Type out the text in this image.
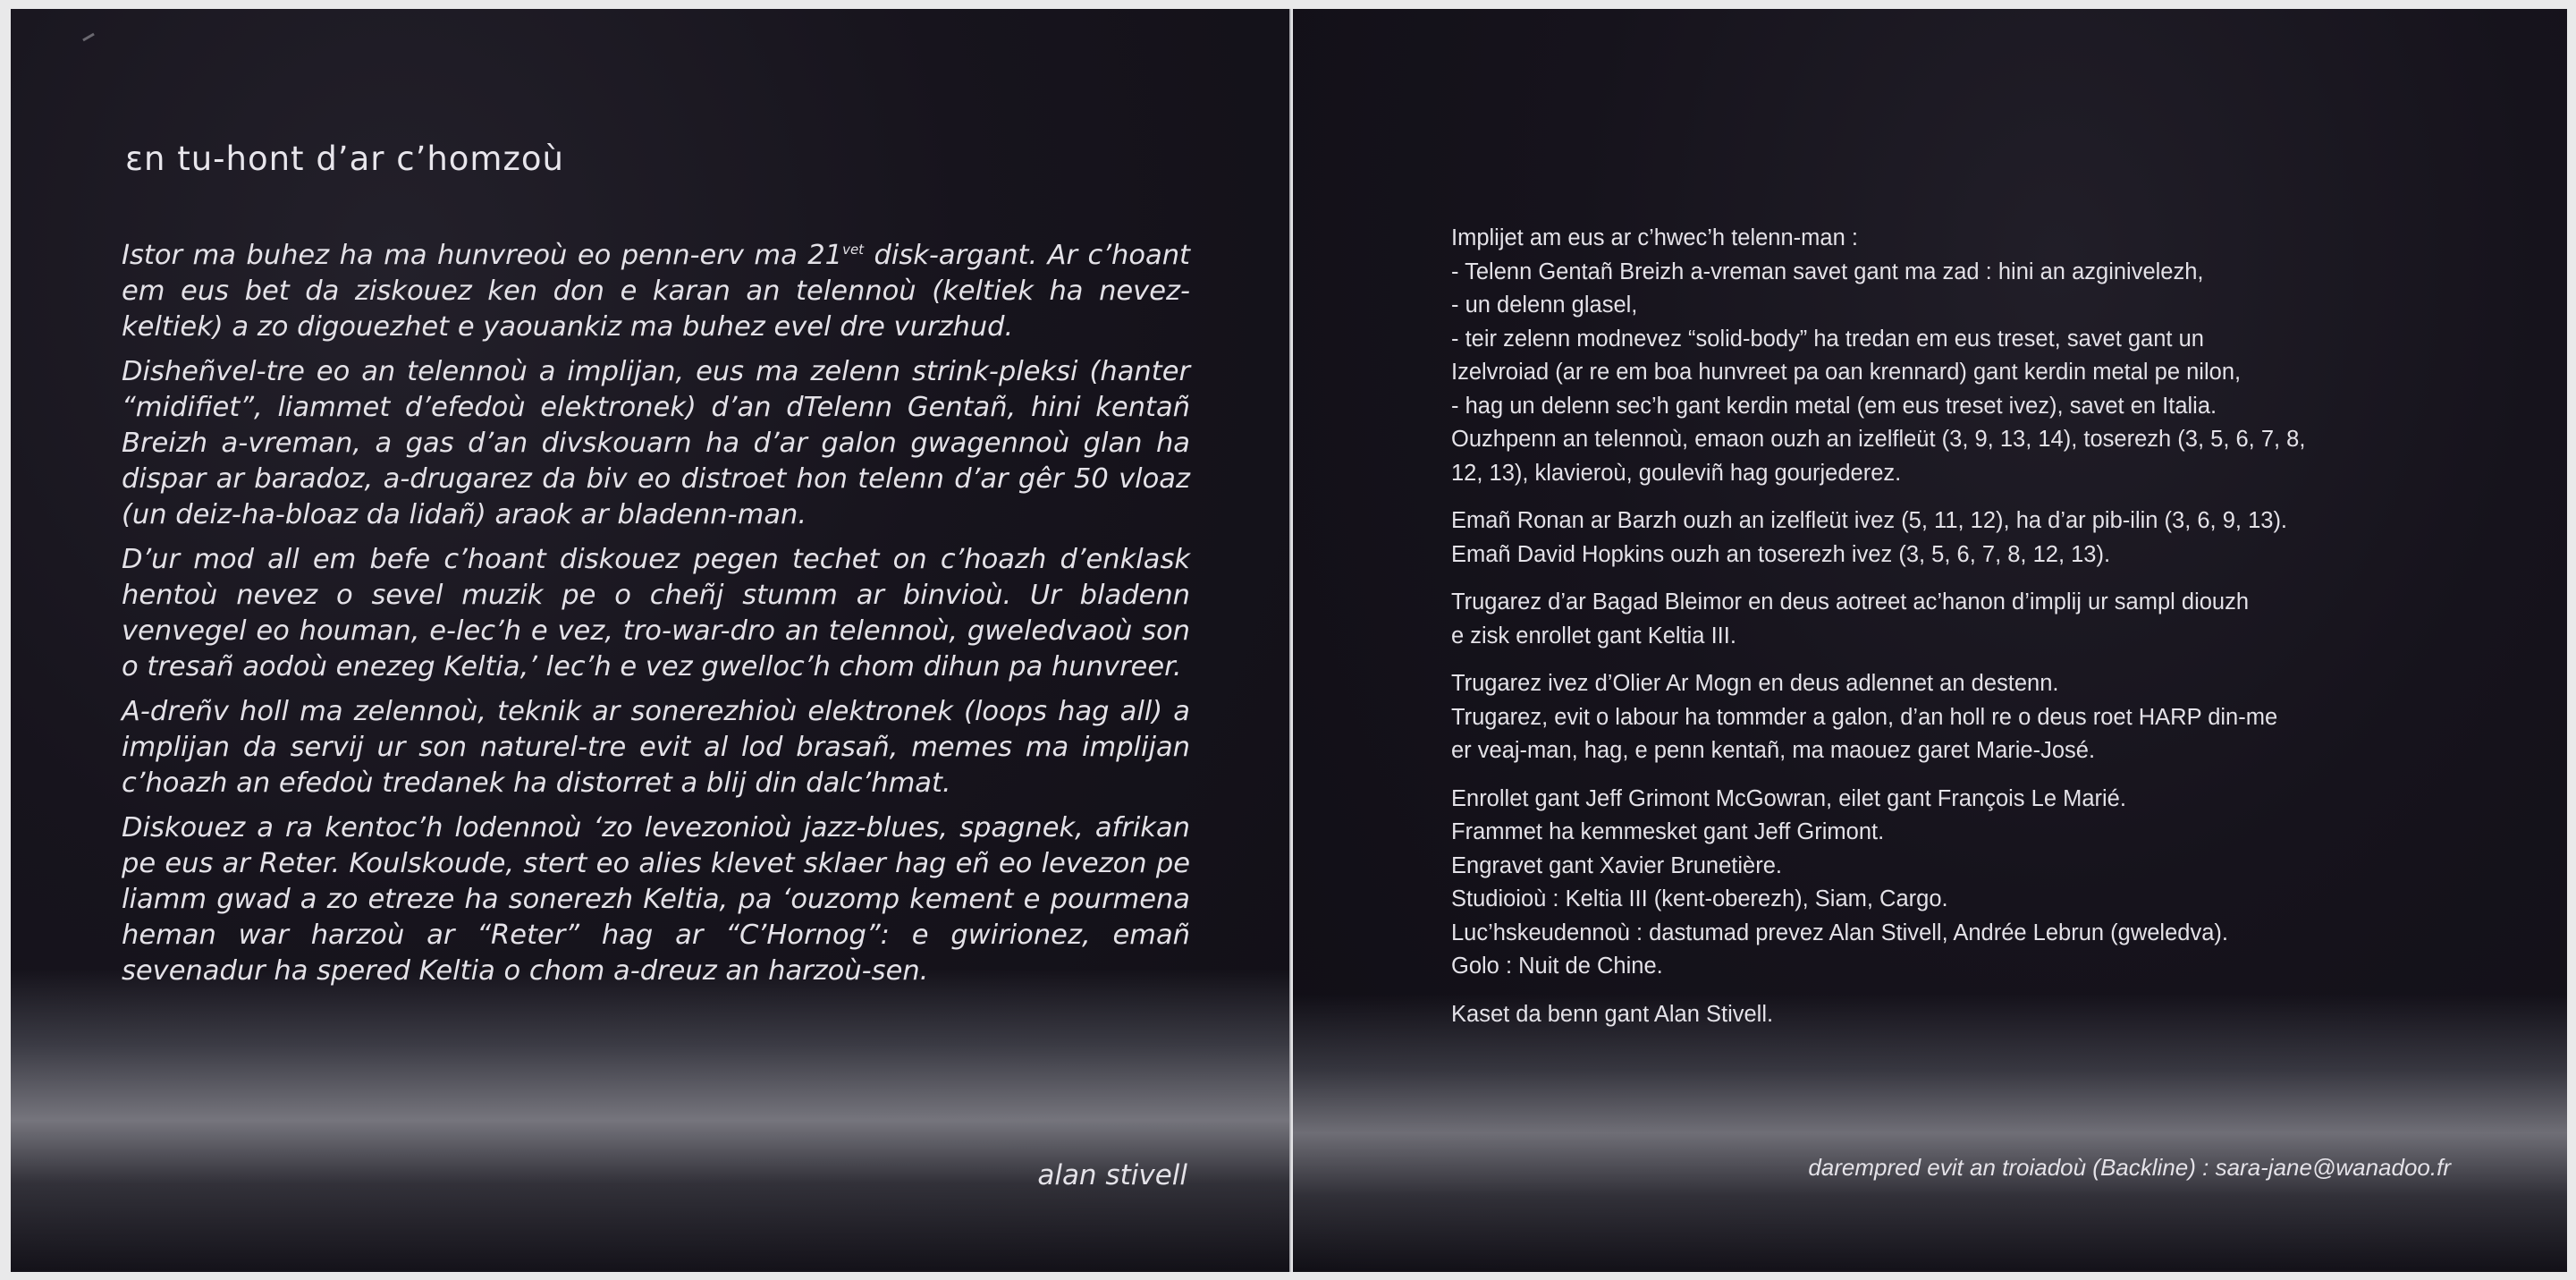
ɛn tu-hont d’ar c’homzoù

Istor ma buhez ha ma hunvreoù eo penn-erv ma $21^{vet}$ disk-argant. Ar c’hoant em eus bet da ziskouez ken don e karan an telennoù (keltiek ha nevez-keltiek) a zo digouezhet e yaouankiz ma buhez evel dre vurzhud.

Disheñvel-tre eo an telennoù a implijan, eus ma zelenn strink-pleksi (hanter “midifiet”, liammet d’efedoù elektronek) d’an dTelenn Gentañ, hini kentañ Breizh a-vreman, a gas d’an divskouarn ha d’ar galon gwagennoù glan ha dispar ar baradoz, a-drugarez da biv eo distroet hon telenn d’ar gêr 50 vloaz (un deiz-ha-bloaz da lidañ) araok ar bladenn-man.

D’ur mod all em befe c’hoant diskouez pegen techet on c’hoazh d’enklask hentoù nevez o sevel muzik pe o cheñj stumm ar binvioù. Ur bladenn venvegel eo houman, e-lec’h e vez, tro-war-dro an telennoù, gweledvaoù son o tresañ aodoù enezeg Keltia,’ lec’h e vez gwelloc’h chom dihun pa hunvreer.

A-dreñv holl ma zelennoù, teknik ar sonerezhioù elektronek (loops hag all) a implijan da servij ur son naturel-tre evit al lod brasañ, memes ma implijan c’hoazh an efedoù tredanek ha distorret a blij din dalc’hmat.

Diskouez a ra kentoc’h lodennoù ‘zo levezonioù jazz-blues, spagnek, afrikan pe eus ar Reter. Koulskoude, stert eo alies klevet sklaer hag eñ eo levezon pe liamm gwad a zo etreze ha sonerezh Keltia, pa ‘ouzomp kement e pourmena heman war harzoù ar “Reter” hag ar “C’Hornog”: e gwirionez, emañ sevenadur ha spered Keltia o chom a-dreuz an harzoù-sen.

alan stivell
Implijet am eus ar c’hwec’h telenn-man :
- Telenn Gentañ Breizh a-vreman savet gant ma zad : hini an azginivelezh,
- un delenn glasel,
- teir zelenn modnevez “solid-body” ha tredan em eus treset, savet gant un
Izelvroiad (ar re em boa hunvreet pa oan krennard) gant kerdin metal pe nilon,
- hag un delenn sec’h gant kerdin metal (em eus treset ivez), savet en Italia.
Ouzhpenn an telennoù, emaon ouzh an izelfleüt (3, 9, 13, 14), toserezh (3, 5, 6, 7, 8,
12, 13), klavieroù, gouleviñ hag gourjederez.
Emañ Ronan ar Barzh ouzh an izelfleüt ivez (5, 11, 12), ha d’ar pib-ilin (3, 6, 9, 13).
Emañ David Hopkins ouzh an toserezh ivez (3, 5, 6, 7, 8, 12, 13).
Trugarez d’ar Bagad Bleimor en deus aotreet ac’hanon d’implij ur sampl diouzh
e zisk enrollet gant Keltia III.
Trugarez ivez d’Olier Ar Mogn en deus adlennet an destenn.
Trugarez, evit o labour ha tommder a galon, d’an holl re o deus roet HARP din-me
er veaj-man, hag, e penn kentañ, ma maouez garet Marie-José.
Enrollet gant Jeff Grimont McGowran, eilet gant François Le Marié.
Frammet ha kemmesket gant Jeff Grimont.
Engravet gant Xavier Brunetière.
Studioioù : Keltia III (kent-oberezh), Siam, Cargo.
Luc’hskeudennoù : dastumad prevez Alan Stivell, Andrée Lebrun (gweledva).
Golo : Nuit de Chine.
Kaset da benn gant Alan Stivell.
darempred evit an troiadoù (Backline) : sara-jane@wanadoo.fr
